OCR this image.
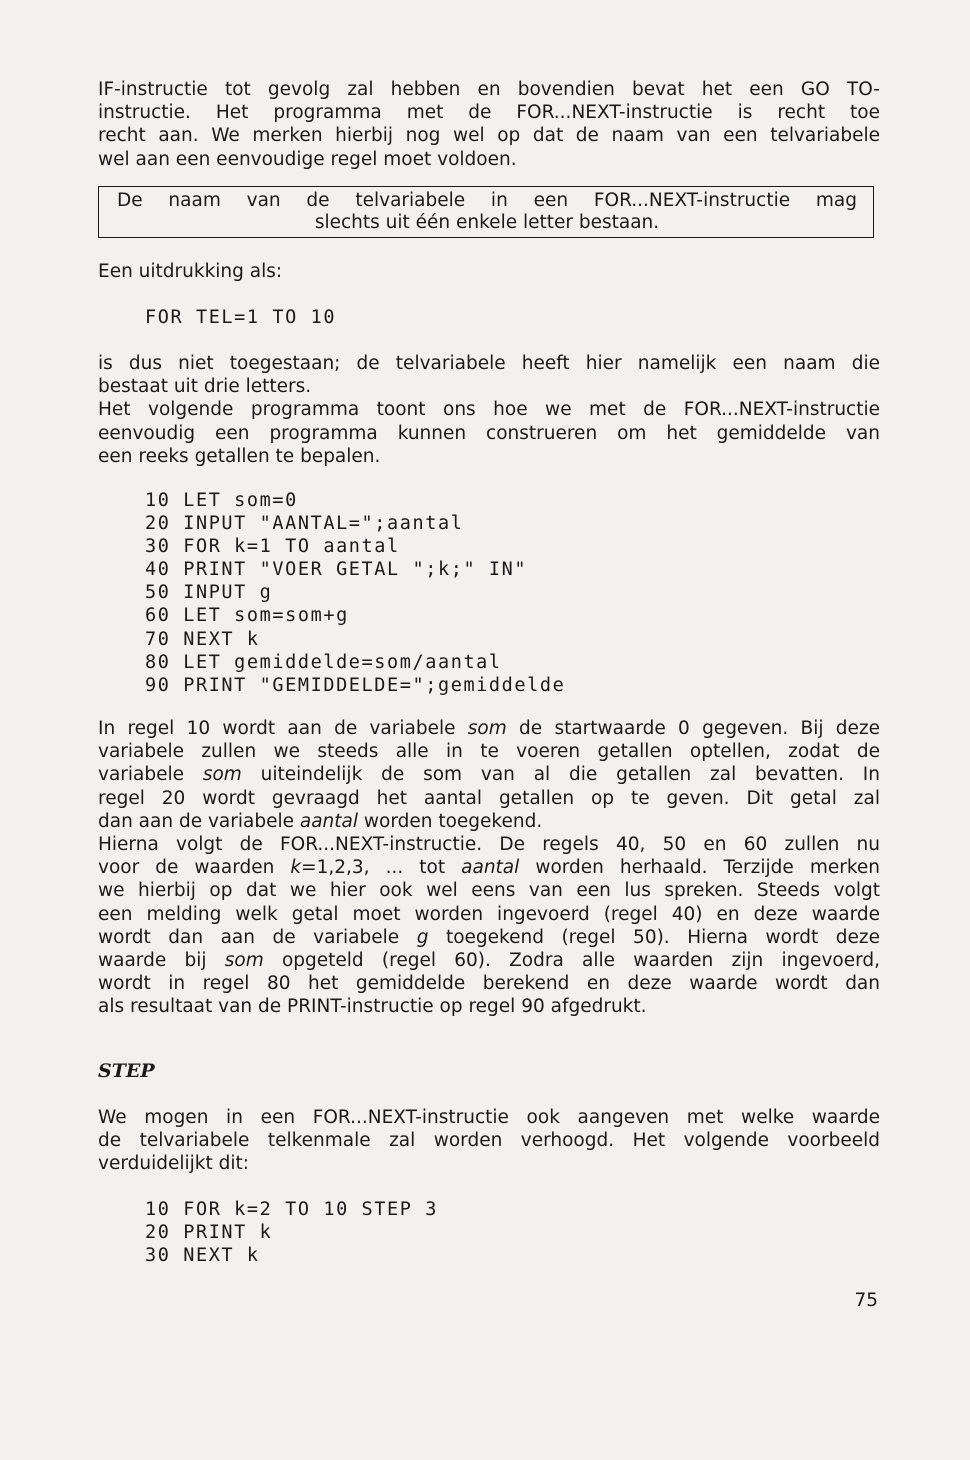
IF-instructie tot gevolg zal hebben en bovendien bevat het een GO TO-
instructie. Het programma met de FOR...NEXT-instructie is recht toe
recht aan. We merken hierbij nog wel op dat de naam van een telvariabele
wel aan een eenvoudige regel moet voldoen.
De naam van de telvariabele in een FOR...NEXT-instructie mag
slechts uit één enkele letter bestaan.
Een uitdrukking als:
FOR TEL=1 TO 10
is dus niet toegestaan; de telvariabele heeft hier namelijk een naam die
bestaat uit drie letters.
Het volgende programma toont ons hoe we met de FOR...NEXT-instructie
eenvoudig een programma kunnen construeren om het gemiddelde van
een reeks getallen te bepalen.
10 LET som=0
20 INPUT "AANTAL=";aantal
30 FOR k=1 TO aantal
40 PRINT "VOER GETAL ";k;" IN"
50 INPUT g
60 LET som=som+g
70 NEXT k
80 LET gemiddelde=som/aantal
90 PRINT "GEMIDDELDE=";gemiddelde
In regel 10 wordt aan de variabele som de startwaarde 0 gegeven. Bij deze
variabele zullen we steeds alle in te voeren getallen optellen, zodat de
variabele som uiteindelijk de som van al die getallen zal bevatten. In
regel 20 wordt gevraagd het aantal getallen op te geven. Dit getal zal
dan aan de variabele aantal worden toegekend.
Hierna volgt de FOR...NEXT-instructie. De regels 40, 50 en 60 zullen nu
voor de waarden k=1,2,3, ... tot aantal worden herhaald. Terzijde merken
we hierbij op dat we hier ook wel eens van een lus spreken. Steeds volgt
een melding welk getal moet worden ingevoerd (regel 40) en deze waarde
wordt dan aan de variabele g toegekend (regel 50). Hierna wordt deze
waarde bij som opgeteld (regel 60). Zodra alle waarden zijn ingevoerd,
wordt in regel 80 het gemiddelde berekend en deze waarde wordt dan
als resultaat van de PRINT-instructie op regel 90 afgedrukt.
STEP
We mogen in een FOR...NEXT-instructie ook aangeven met welke waarde
de telvariabele telkenmale zal worden verhoogd. Het volgende voorbeeld
verduidelijkt dit:
10 FOR k=2 TO 10 STEP 3
20 PRINT k
30 NEXT k
75
